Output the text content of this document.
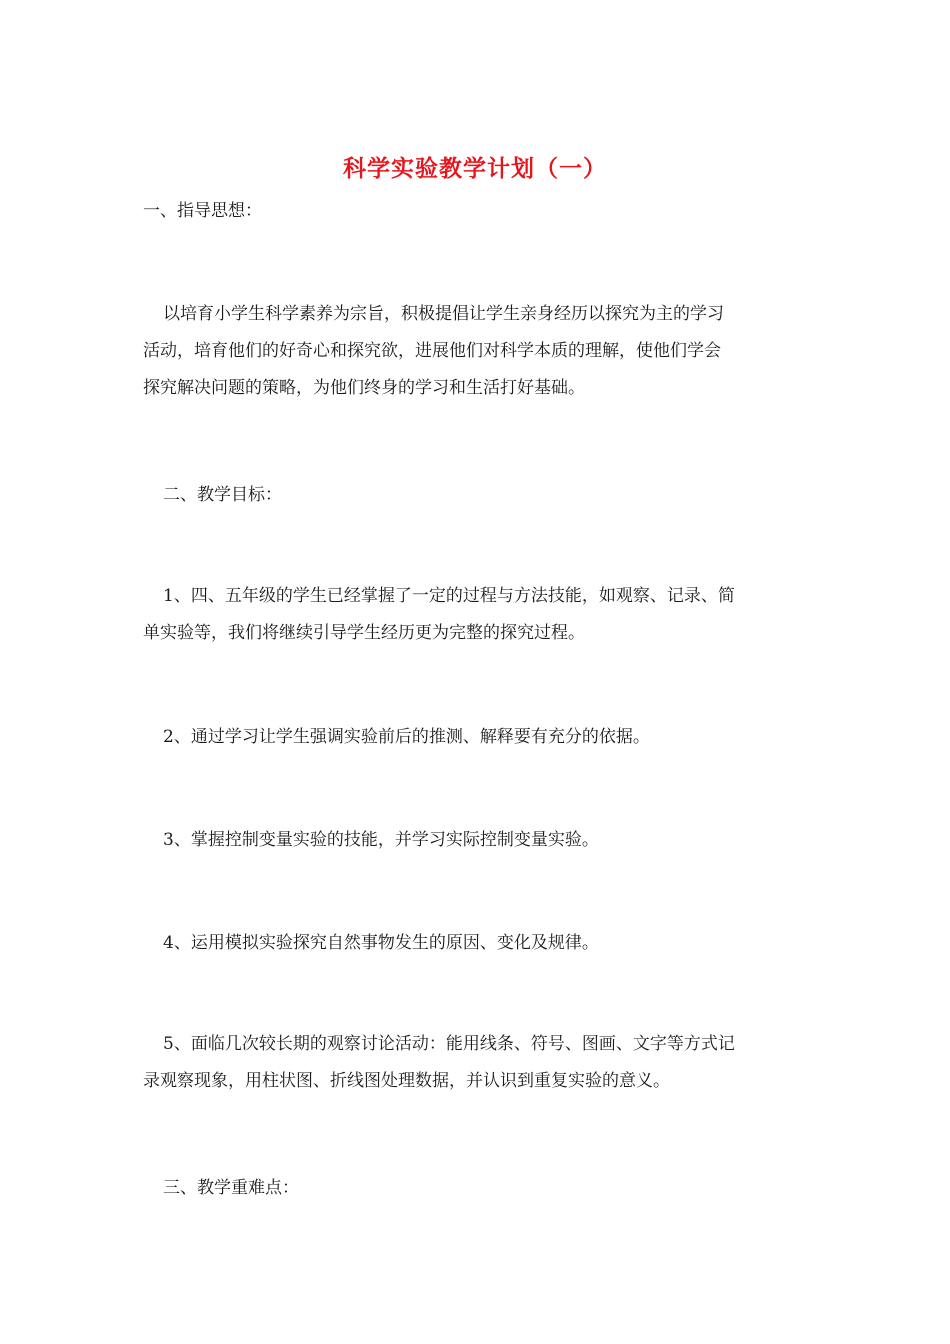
科学实验教学计划（一）
一、指导思想：
以培育小学生科学素养为宗旨，积极提倡让学生亲身经历以探究为主的学习
活动，培育他们的好奇心和探究欲，进展他们对科学本质的理解，使他们学会
探究解决问题的策略，为他们终身的学习和生活打好基础。
二、教学目标：
1、四、五年级的学生已经掌握了一定的过程与方法技能，如观察、记录、简
单实验等，我们将继续引导学生经历更为完整的探究过程。
2、通过学习让学生强调实验前后的推测、解释要有充分的依据。
3、掌握控制变量实验的技能，并学习实际控制变量实验。
4、运用模拟实验探究自然事物发生的原因、变化及规律。
5、面临几次较长期的观察讨论活动：能用线条、符号、图画、文字等方式记
录观察现象，用柱状图、折线图处理数据，并认识到重复实验的意义。
三、教学重难点：
